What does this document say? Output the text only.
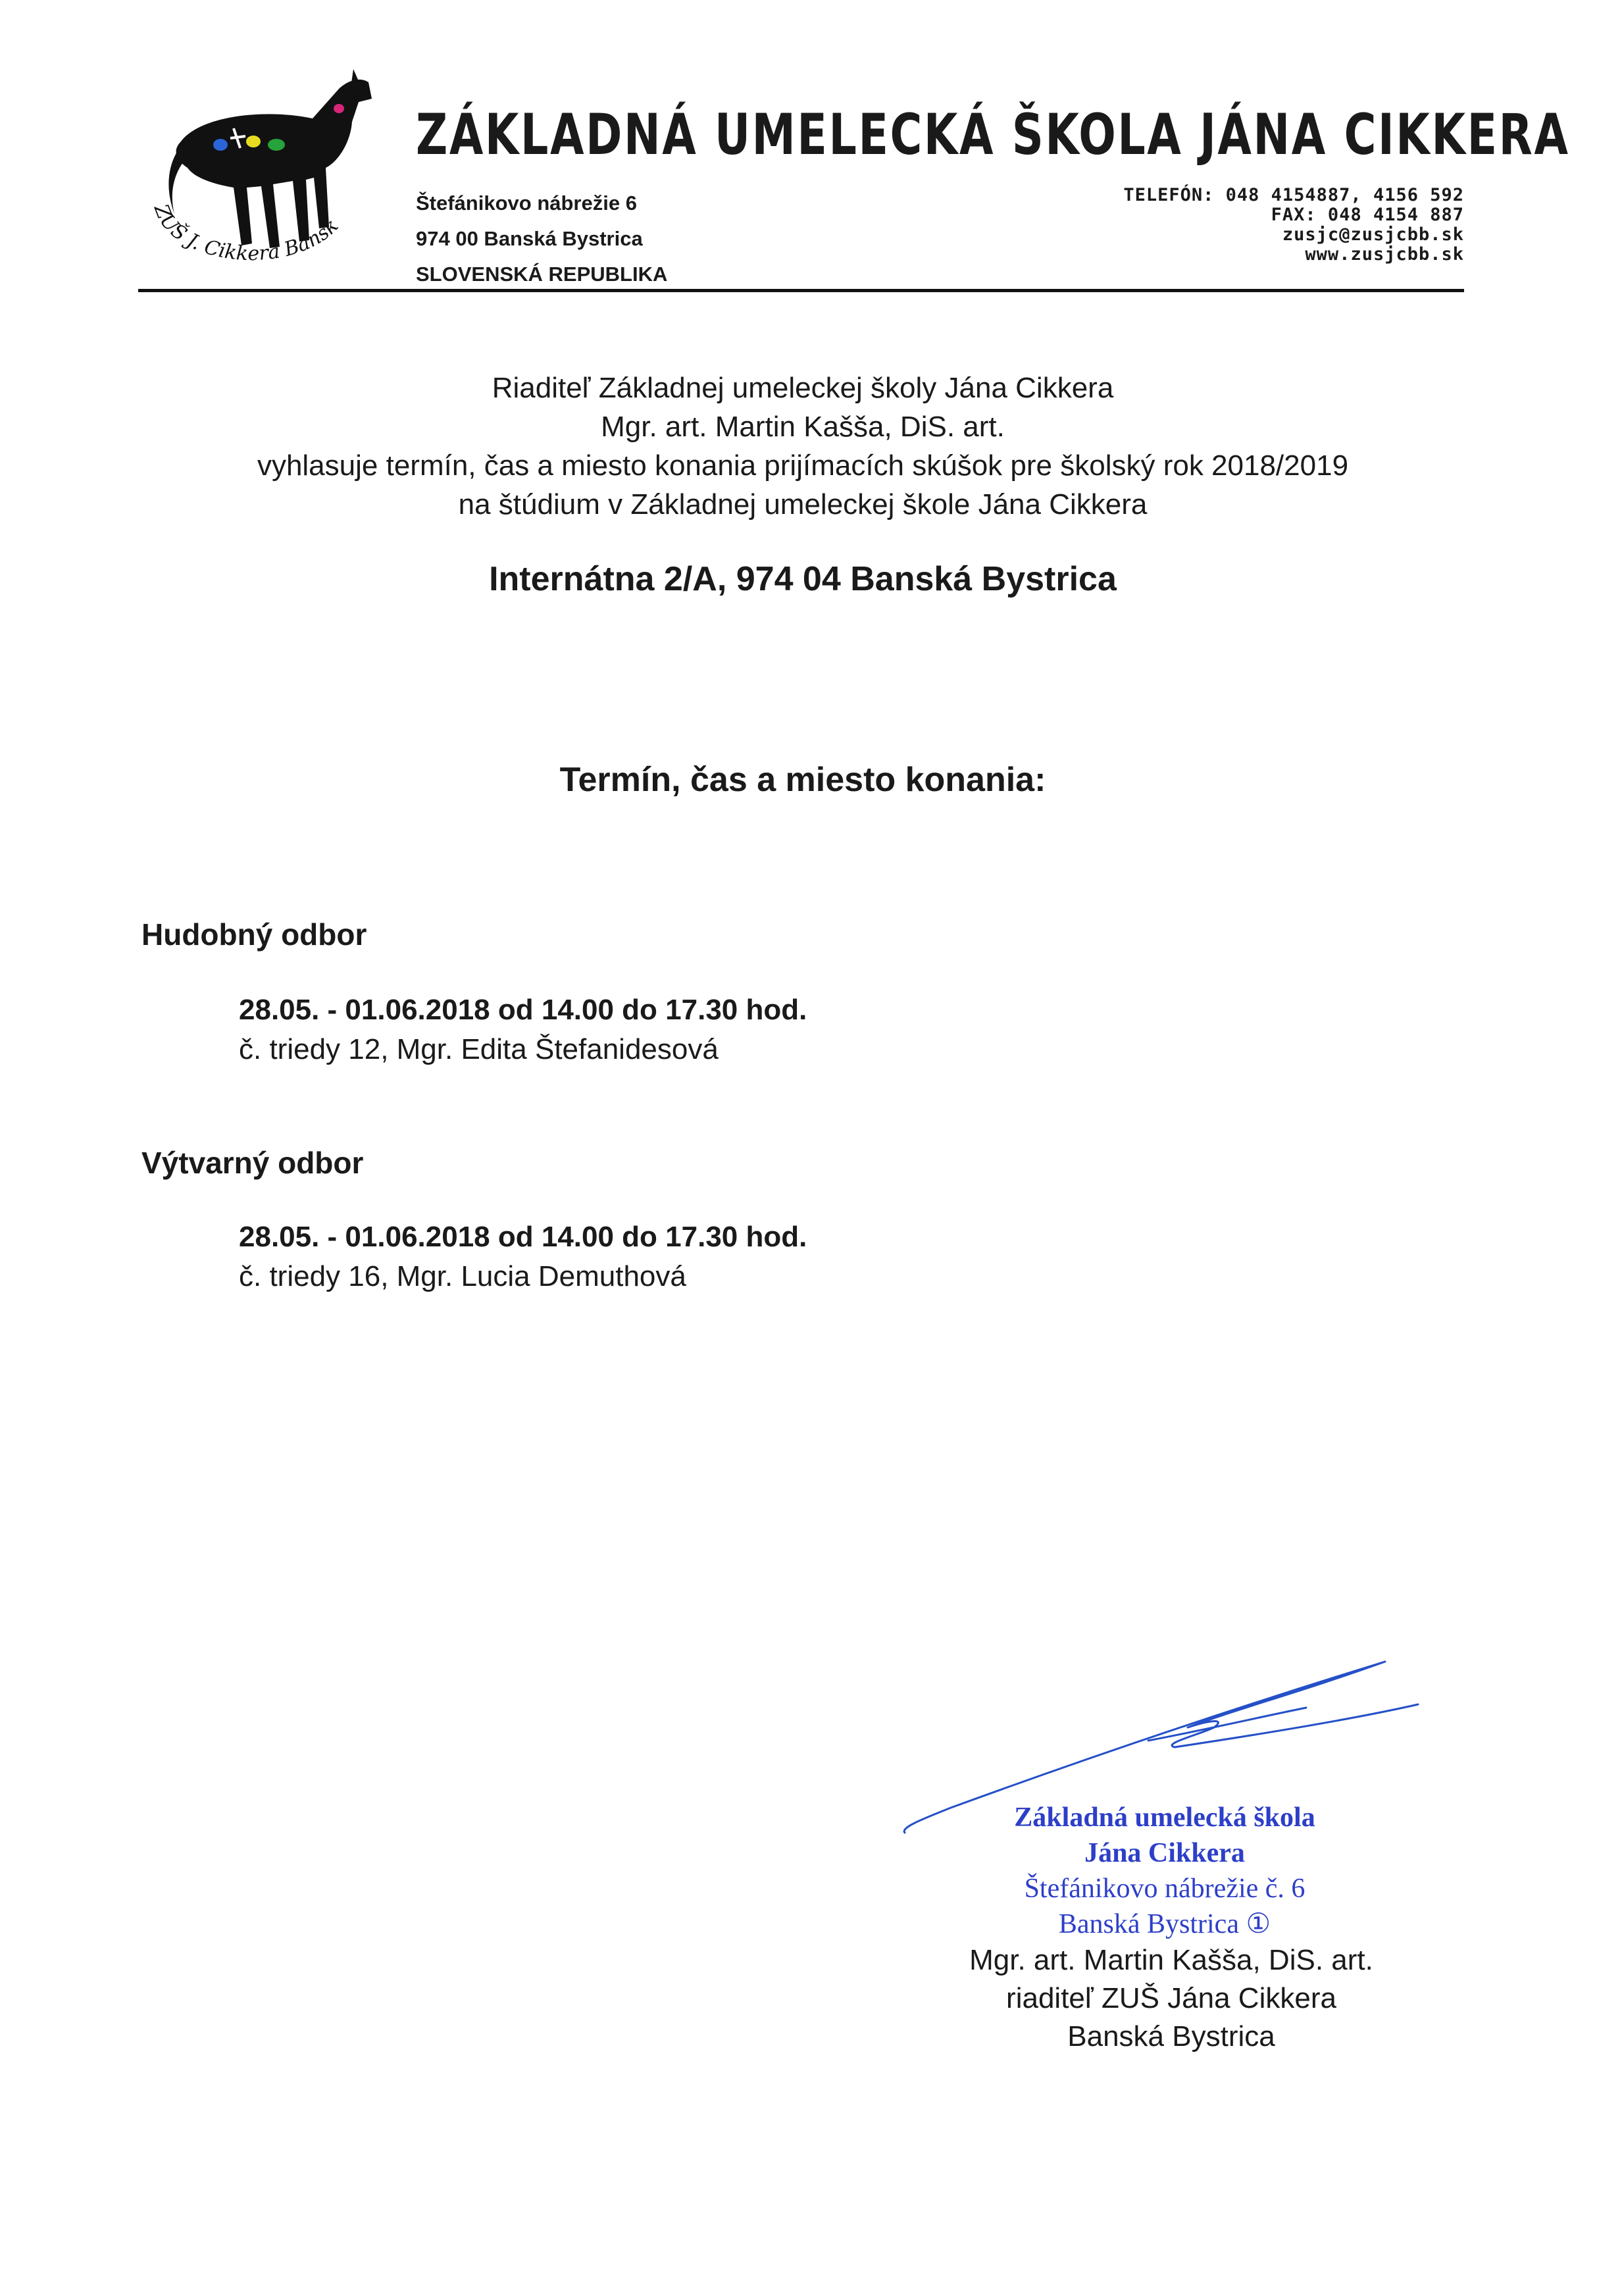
ZUŠ J. Cikkera Bansk
ZÁKLADNÁ UMELECKÁ ŠKOLA JÁNA CIKKERA
Štefánikovo nábrežie 6
974 00 Banská Bystrica
SLOVENSKÁ REPUBLIKA
TELEFÓN: 048 4154887, 4156 592
FAX: 048 4154 887
zusjc@zusjcbb.sk
www.zusjcbb.sk
Riaditeľ Základnej umeleckej školy Jána Cikkera
Mgr. art. Martin Kašša, DiS. art.
vyhlasuje termín, čas a miesto konania prijímacích skúšok pre školský rok 2018/2019
na štúdium v Základnej umeleckej škole Jána Cikkera
Internátna 2/A, 974 04 Banská Bystrica
Termín, čas a miesto konania:
Hudobný odbor
28.05. - 01.06.2018 od 14.00 do 17.30 hod.
č. triedy 12, Mgr. Edita Štefanidesová
Výtvarný odbor
28.05. - 01.06.2018 od 14.00 do 17.30 hod.
č. triedy 16, Mgr. Lucia Demuthová
Základná umelecká škola
Jána Cikkera
Štefánikovo nábrežie č. 6
Banská Bystrica ①
Mgr. art. Martin Kašša, DiS. art.
riaditeľ ZUŠ Jána Cikkera
Banská Bystrica
